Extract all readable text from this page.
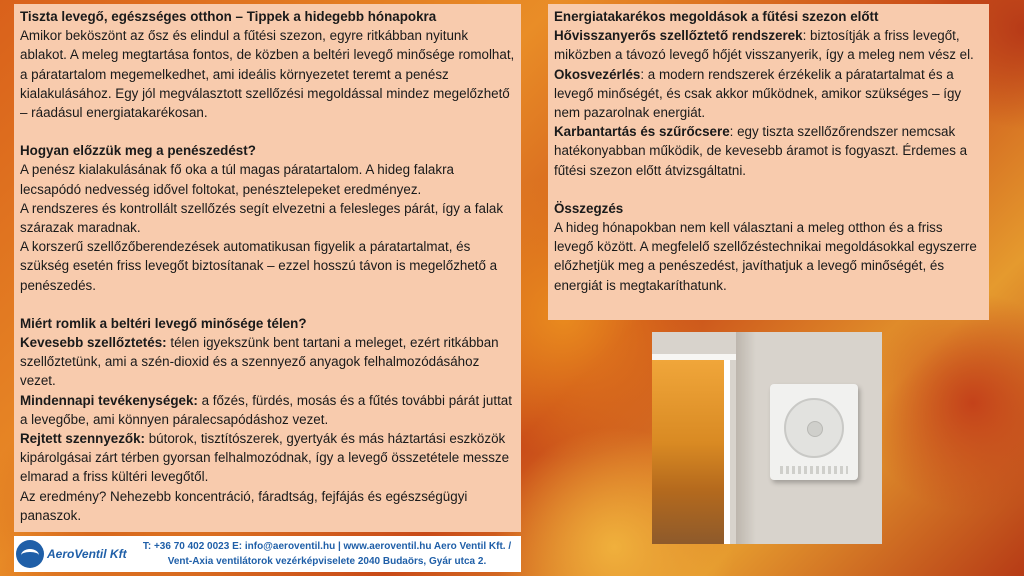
Tiszta levegő, egészséges otthon – Tippek a hidegebb hónapokra

Amikor beköszönt az ősz és elindul a fűtési szezon, egyre ritkábban nyitunk ablakot. A meleg megtartása fontos, de közben a beltéri levegő minősége romolhat, a páratartalom megemelkedhet, ami ideális környezetet teremt a penész kialakulásához. Egy jól megválasztott szellőzési megoldással mindez megelőzhető – ráadásul energiatakarékosan.

Hogyan előzzük meg a penészedést?

A penész kialakulásának fő oka a túl magas páratartalom. A hideg falakra lecsapódó nedvesség idővel foltokat, penésztelepeket eredményez.

A rendszeres és kontrollált szellőzés segít elvezetni a felesleges párát, így a falak szárazak maradnak.

A korszerű szellőzőberendezések automatikusan figyelik a páratartalmat, és szükség esetén friss levegőt biztosítanak – ezzel hosszú távon is megelőzhető a penészedés.

Miért romlik a beltéri levegő minősége télen?

Kevesebb szellőztetés: télen igyekszünk bent tartani a meleget, ezért ritkábban szellőztetünk, ami a szén-dioxid és a szennyező anyagok felhalmozódásához vezet.

Mindennapi tevékenységek: a főzés, fürdés, mosás és a fűtés további párát juttat a levegőbe, ami könnyen páralecsapódáshoz vezet.

Rejtett szennyezők: bútorok, tisztítószerek, gyertyák és más háztartási eszközök kipárolgásai zárt térben gyorsan felhalmozódnak, így a levegő összetétele messze elmarad a friss kültéri levegőtől.

Az eredmény? Nehezebb koncentráció, fáradtság, fejfájás és egészségügyi panaszok.

Energiatakarékos megoldások a fűtési szezon előtt

Hővisszanyerős szellőztető rendszerek: biztosítják a friss levegőt, miközben a távozó levegő hőjét visszanyerik, így a meleg nem vész el.

Okosvezérlés: a modern rendszerek érzékelik a páratartalmat és a levegő minőségét, és csak akkor működnek, amikor szükséges – így nem pazarolnak energiát.

Karbantartás és szűrőcsere: egy tiszta szellőzőrendszer nemcsak hatékonyabban működik, de kevesebb áramot is fogyaszt. Érdemes a fűtési szezon előtt átvizsgáltatni.

Összegzés

A hideg hónapokban nem kell választani a meleg otthon és a friss levegő között. A megfelelő szellőzéstechnikai megoldásokkal egyszerre előzhetjük meg a penészedést, javíthatjuk a levegő minőségét, és energiát is megtakaríthatunk.

AeroVentil Kft
T: +36 70 402 0023 E: info@aeroventil.hu | www.aeroventil.hu Aero Ventil Kft. / Vent-Axia ventilátorok vezérképviselete 2040 Budaörs, Gyár utca 2.
